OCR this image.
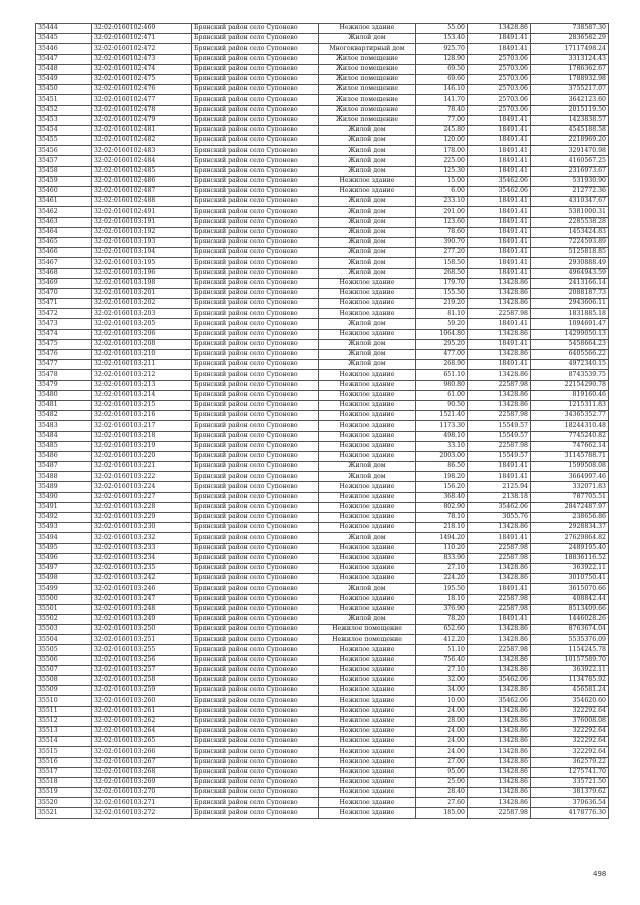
35444	32:02:0160102:469	Брянский район село Супонево	Нежилое здание	55.00	13428.86	738587.30
35445	32:02:0160102:471	Брянский район село Супонево	Жилой дом	153.40	18491.41	2836582.29
35446	32:02:0160102:472	Брянский район село Супонево	Многоквартирный дом	925.70	18491.41	17117498.24
35447	32:02:0160102:473	Брянский район село Супонево	Жилое помещение	128.90	25703.06	3313124.43
35448	32:02:0160102:474	Брянский район село Супонево	Жилое помещение	69.50	25703.06	1786362.67
35449	32:02:0160102:475	Брянский район село Супонево	Жилое помещение	69.60	25703.06	1788932.98
35450	32:02:0160102:476	Брянский район село Супонево	Жилое помещение	146.10	25703.06	3755217.07
35451	32:02:0160102:477	Брянский район село Супонево	Жилое помещение	141.70	25703.06	3642123.60
35452	32:02:0160102:478	Брянский район село Супонево	Жилое помещение	78.40	25703.06	2015119.50
35453	32:02:0160102:479	Брянский район село Супонево	Жилое помещение	77.00	18491.41	1423838.57
35454	32:02:0160102:481	Брянский район село Супонево	Жилой дом	245.80	18491.41	4545188.58
35455	32:02:0160102:482	Брянский район село Супонево	Жилой дом	120.00	18491.41	2218969.20
35456	32:02:0160102:483	Брянский район село Супонево	Жилой дом	178.00	18491.41	3291470.98
35457	32:02:0160102:484	Брянский район село Супонево	Жилой дом	225.00	18491.41	4160567.25
35458	32:02:0160102:485	Брянский район село Супонево	Жилой дом	125.30	18491.41	2316973.67
35459	32:02:0160102:486	Брянский район село Супонево	Нежилое здание	15.00	35462.06	531930.90
35460	32:02:0160102:487	Брянский район село Супонево	Нежилое здание	6.00	35462.06	212772.36
35461	32:02:0160102:488	Брянский район село Супонево	Жилой дом	233.10	18491.41	4310347.67
35462	32:02:0160102:491	Брянский район село Супонево	Жилой дом	291.00	18491.41	5381000.31
35463	32:02:0160103:191	Брянский район село Супонево	Жилой дом	123.60	18491.41	2285538.28
35464	32:02:0160103:192	Брянский район село Супонево	Жилой дом	78.60	18491.41	1453424.83
35465	32:02:0160103:193	Брянский район село Супонево	Жилой дом	390.70	18491.41	7224593.89
35466	32:02:0160103:194	Брянский район село Супонево	Жилой дом	277.20	18491.41	5125818.85
35467	32:02:0160103:195	Брянский район село Супонево	Жилой дом	158.50	18491.41	2930888.49
35468	32:02:0160103:196	Брянский район село Супонево	Жилой дом	268.50	18491.41	4964943.59
35469	32:02:0160103:198	Брянский район село Супонево	Нежилое здание	179.70	13428.86	2413166.14
35470	32:02:0160103:201	Брянский район село Супонево	Нежилое здание	155.50	13428.86	2088187.73
35471	32:02:0160103:202	Брянский район село Супонево	Нежилое здание	219.20	13428.86	2943606.11
35472	32:02:0160103:203	Брянский район село Супонево	Нежилое здание	81.10	22587.98	1831885.18
35473	32:02:0160103:205	Брянский район село Супонево	Жилой дом	59.20	18491.41	1094691.47
35474	32:02:0160103:206	Брянский район село Супонево	Нежилое здание	1064.80	13428.86	14299050.13
35475	32:02:0160103:208	Брянский район село Супонево	Жилой дом	295.20	18491.41	5458664.23
35476	32:02:0160103:210	Брянский район село Супонево	Жилой дом	477.00	13428.86	6405566.22
35477	32:02:0160103:211	Брянский район село Супонево	Жилой дом	268.90	18491.41	4972340.15
35478	32:02:0160103:212	Брянский район село Супонево	Нежилое здание	651.10	13428.86	8743539.75
35479	32:02:0160103:213	Брянский район село Супонево	Нежилое здание	980.80	22587.98	22154290.78
35480	32:02:0160103:214	Брянский район село Супонево	Нежилое здание	61.00	13428.86	819160.46
35481	32:02:0160103:215	Брянский район село Супонево	Нежилое здание	90.50	13428.86	1215311.83
35482	32:02:0160103:216	Брянский район село Супонево	Нежилое здание	1521.40	22587.98	34365352.77
35483	32:02:0160103:217	Брянский район село Супонево	Нежилое здание	1173.30	15549.57	18244310.48
35484	32:02:0160103:218	Брянский район село Супонево	Нежилое здание	498.10	15549.57	7745240.82
35485	32:02:0160103:219	Брянский район село Супонево	Нежилое здание	33.10	22587.98	747662.14
35486	32:02:0160103:220	Брянский район село Супонево	Нежилое здание	2003.00	15549.57	31145788.71
35487	32:02:0160103:221	Брянский район село Супонево	Жилой дом	86.50	18491.41	1599508.08
35488	32:02:0160103:222	Брянский район село Супонево	Жилой дом	198.20	18491.41	3664997.46
35489	32:02:0160103:224	Брянский район село Супонево	Нежилое здание	156.20	2125.94	332071.83
35490	32:02:0160103:227	Брянский район село Супонево	Нежилое здание	368.40	2138.18	787705.51
35491	32:02:0160103:228	Брянский район село Супонево	Нежилое здание	802.90	35462.06	28472487.97
35492	32:02:0160103:229	Брянский район село Супонево	Нежилое здание	78.10	3055.76	238656.86
35493	32:02:0160103:230	Брянский район село Супонево	Нежилое здание	218.10	13428.86	2928834.37
35494	32:02:0160103:232	Брянский район село Супонево	Жилой дом	1494.20	18491.41	27629864.82
35495	32:02:0160103:233	Брянский район село Супонево	Нежилое здание	110.20	22587.98	2489195.40
35496	32:02:0160103:234	Брянский район село Супонево	Нежилое здание	833.90	22587.98	18836116.52
35497	32:02:0160103:235	Брянский район село Супонево	Нежилое здание	27.10	13428.86	363922.11
35498	32:02:0160103:242	Брянский район село Супонево	Нежилое здание	224.20	13428.86	3010750.41
35499	32:02:0160103:246	Брянский район село Супонево	Жилой дом	195.50	18491.41	3615070.66
35500	32:02:0160103:247	Брянский район село Супонево	Нежилое здание	18.10	22587.98	408842.44
35501	32:02:0160103:248	Брянский район село Супонево	Нежилое здание	376.90	22587.98	8513409.66
35502	32:02:0160103:249	Брянский район село Супонево	Жилой дом	78.20	18491.41	1446028.26
35503	32:02:0160103:250	Брянский район село Супонево	Нежилое помещение	652.60	13428.86	8763674.04
35504	32:02:0160103:251	Брянский район село Супонево	Нежилое помещение	412.20	13428.86	5535376.09
35505	32:02:0160103:255	Брянский район село Супонево	Нежилое здание	51.10	22587.98	1154245.78
35506	32:02:0160103:256	Брянский район село Супонево	Нежилое здание	756.40	13428.86	10157589.70
35507	32:02:0160103:257	Брянский район село Супонево	Нежилое здание	27.10	13428.86	363922.11
35508	32:02:0160103:258	Брянский район село Супонево	Нежилое здание	32.00	35462.06	1134785.92
35509	32:02:0160103:259	Брянский район село Супонево	Нежилое здание	34.00	13428.86	456581.24
35510	32:02:0160103:260	Брянский район село Супонево	Нежилое здание	10.00	35462.06	354620.60
35511	32:02:0160103:261	Брянский район село Супонево	Нежилое здание	24.00	13428.86	322292.64
35512	32:02:0160103:262	Брянский район село Супонево	Нежилое здание	28.00	13428.86	376008.08
35513	32:02:0160103:264	Брянский район село Супонево	Нежилое здание	24.00	13428.86	322292.64
35514	32:02:0160103:265	Брянский район село Супонево	Нежилое здание	24.00	13428.86	322292.64
35515	32:02:0160103:266	Брянский район село Супонево	Нежилое здание	24.00	13428.86	322292.64
35516	32:02:0160103:267	Брянский район село Супонево	Нежилое здание	27.00	13428.86	362579.22
35517	32:02:0160103:268	Брянский район село Супонево	Нежилое здание	95.00	13428.86	1275741.70
35518	32:02:0160103:269	Брянский район село Супонево	Нежилое здание	25.00	13428.86	335721.50
35519	32:02:0160103:270	Брянский район село Супонево	Нежилое здание	28.40	13428.86	381379.62
35520	32:02:0160103:271	Брянский район село Супонево	Нежилое здание	27.60	13428.86	370636.54
35521	32:02:0160103:272	Брянский район село Супонево	Нежилое здание	185.00	22587.98	4178776.30
498
